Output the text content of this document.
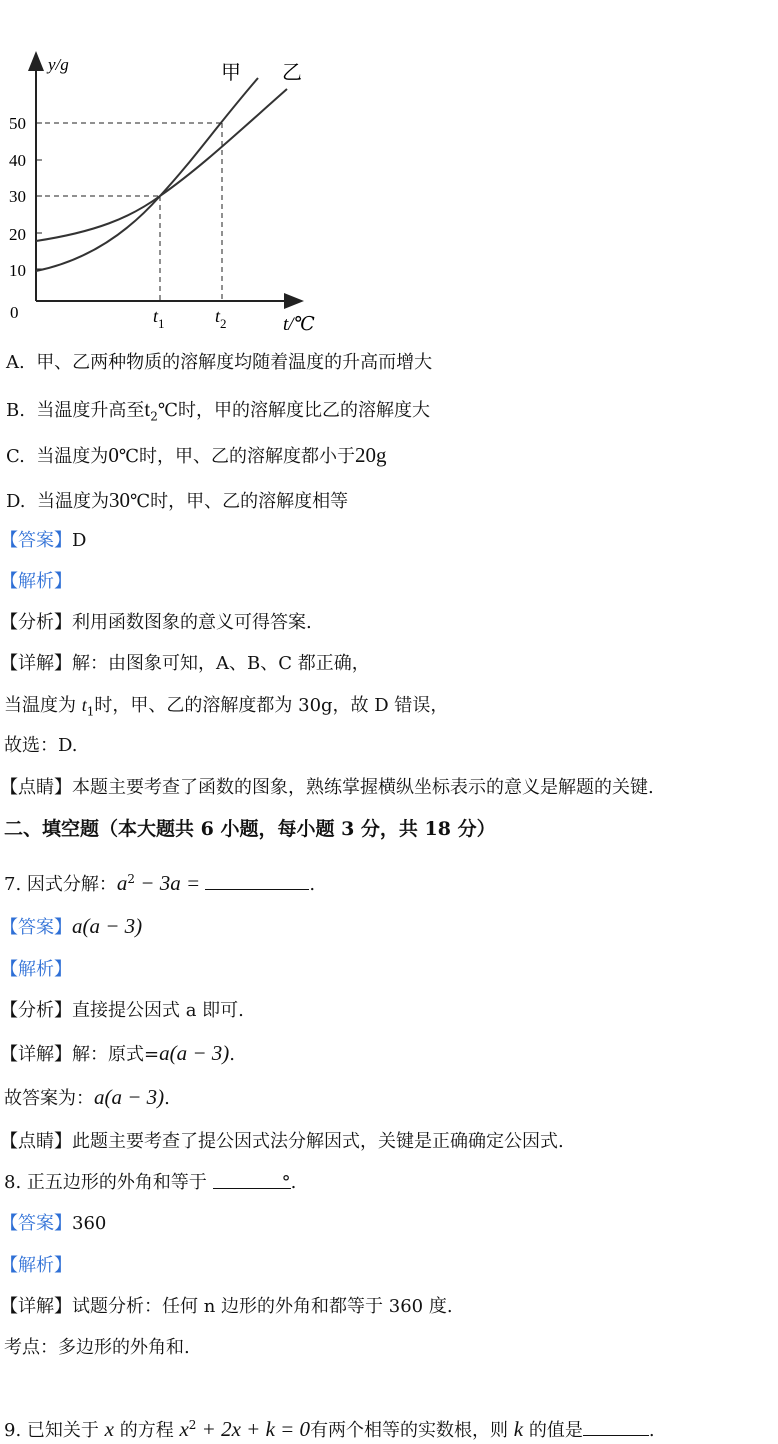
y/g
t/℃
0
50
40
30
20
10
$t_1$	$t_2$
甲 乙
A. 甲、乙两种物质的溶解度均随着温度的升高而增大
B. 当温度升高至$t_2℃$时，甲的溶解度比乙的溶解度大
C. 当温度为0℃时，甲、乙的溶解度都小于20g
D. 当温度为30℃时，甲、乙的溶解度相等
【答案】D
【解析】
【分析】利用函数图象的意义可得答案.
【详解】解：由图象可知，A、B、C 都正确，
当温度为 $t_1$时，甲、乙的溶解度都为 30g，故 D 错误，
故选：D.
【点睛】本题主要考查了函数的图象，熟练掌握横纵坐标表示的意义是解题的关键.
二、填空题（本大题共 6 小题，每小题 3 分，共 18 分）
7. 因式分解：$a^2 - 3a$ =	.
【答案】a(a − 3)
【解析】
【分析】直接提公因式 a 即可.
【详解】解：原式=a(a − 3).
故答案为：a(a − 3).
【点睛】此题主要考查了提公因式法分解因式，关键是正确确定公因式.
8. 正五边形的外角和等于	°.
【答案】360
【解析】
【详解】试题分析：任何 n 边形的外角和都等于 360 度.
考点：多边形的外角和.
9. 已知关于 x 的方程 $x^2 + 2x + k = 0$有两个相等的实数根，则 k 的值是	.
